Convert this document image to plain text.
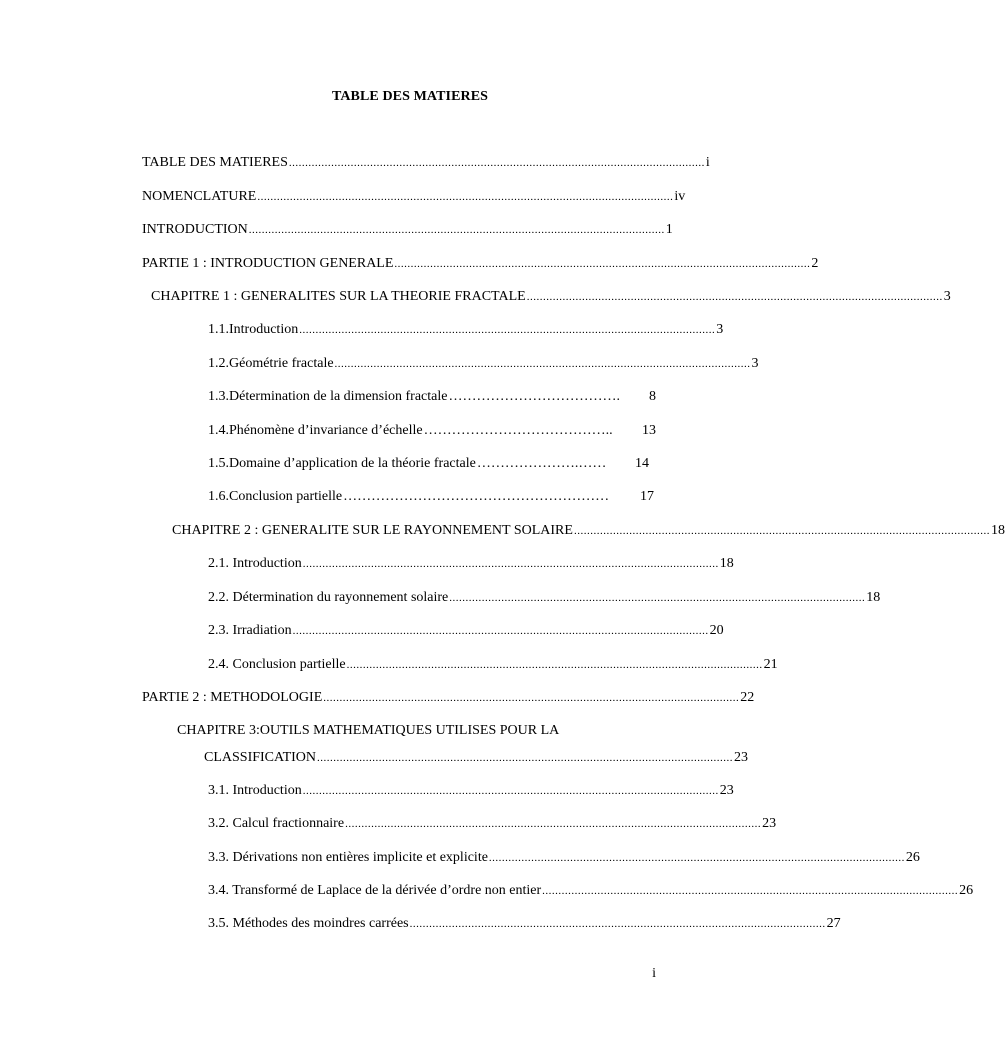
TABLE DES MATIERES
TABLE DES MATIERES ................................................................................................................................ i
NOMENCLATURE ................................................................................................................................ iv
INTRODUCTION ................................................................................................................................ 1
PARTIE 1 : INTRODUCTION GENERALE ................................................................................................................................ 2
CHAPITRE 1 : GENERALITES SUR LA THEORIE FRACTALE ................................................................................................................................ 3
1.1.Introduction ................................................................................................................................ 3
1.2.Géométrie fractale ................................................................................................................................ 3
1.3.Détermination de la dimension fractale ……………………………….	8
1.4.Phénomène d’invariance d’échelle …………………………………..	13
1.5.Domaine d’application de la théorie fractale ………………….……	14
1.6.Conclusion partielle …………………………………………………	17
CHAPITRE 2 : GENERALITE SUR LE RAYONNEMENT SOLAIRE ................................................................................................................................ 18
2.1. Introduction ................................................................................................................................ 18
2.2. Détermination du rayonnement solaire ................................................................................................................................ 18
2.3. Irradiation ................................................................................................................................ 20
2.4. Conclusion partielle ................................................................................................................................ 21
PARTIE 2 : METHODOLOGIE ................................................................................................................................ 22
CHAPITRE 3:OUTILS MATHEMATIQUES UTILISES POUR LA
CLASSIFICATION ................................................................................................................................ 23
3.1. Introduction ................................................................................................................................ 23
3.2. Calcul fractionnaire ................................................................................................................................ 23
3.3. Dérivations non entières implicite et explicite ................................................................................................................................ 26
3.4. Transformé de Laplace de la dérivée d’ordre non entier ................................................................................................................................ 26
3.5. Méthodes des moindres carrées ................................................................................................................................ 27
i
